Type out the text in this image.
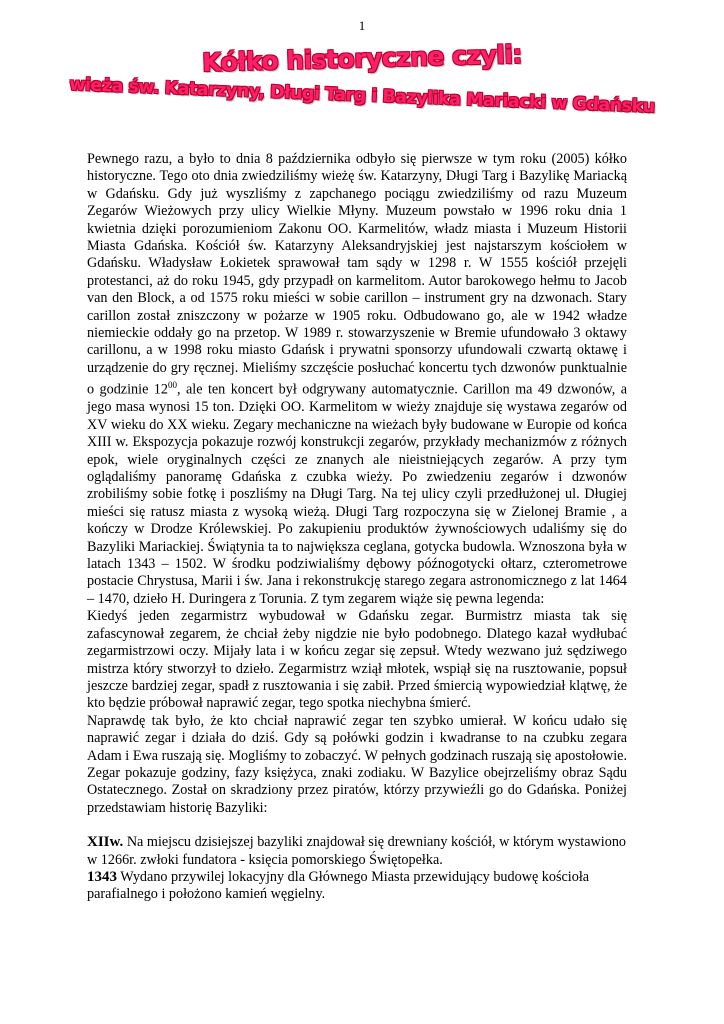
1
Kółko historyczne czyli:
wieża św. Katarzyny, Długi Targ i Bazylika Mariacki w Gdańsku

Pewnego razu, a było to dnia 8 października odbyło się pierwsze w tym roku (2005) kółko historyczne. Tego oto dnia zwiedziliśmy wieżę św. Katarzyny, Długi Targ i Bazylikę Mariacką w Gdańsku. Gdy już wyszliśmy z zapchanego pociągu zwiedziliśmy od razu Muzeum Zegarów Wieżowych przy ulicy Wielkie Młyny. Muzeum powstało w 1996 roku dnia 1 kwietnia dzięki porozumieniom Zakonu OO. Karmelitów, władz miasta i Muzeum Historii Miasta Gdańska. Kościół św. Katarzyny Aleksandryjskiej jest najstarszym kościołem w Gdańsku. Władysław Łokietek sprawował tam sądy w 1298 r. W 1555 kościół przejęli protestanci, aż do roku 1945, gdy przypadł on karmelitom. Autor barokowego hełmu to Jacob van den Block, a od 1575 roku mieści w sobie carillon – instrument gry na dzwonach. Stary carillon został zniszczony w pożarze w 1905 roku. Odbudowano go, ale w 1942 władze niemieckie oddały go na przetop. W 1989 r. stowarzyszenie w Bremie ufundowało 3 oktawy carillonu, a w 1998 roku miasto Gdańsk i prywatni sponsorzy ufundowali czwartą oktawę i urządzenie do gry ręcznej. Mieliśmy szczęście posłuchać koncertu tych dzwonów punktualnie o godzinie $12^{00}$, ale ten koncert był odgrywany automatycznie. Carillon ma 49 dzwonów, a jego masa wynosi 15 ton. Dzięki OO. Karmelitom w wieży znajduje się wystawa zegarów od XV wieku do XX wieku. Zegary mechaniczne na wieżach były budowane w Europie od końca XIII w. Ekspozycja pokazuje rozwój konstrukcji zegarów, przykłady mechanizmów z różnych epok, wiele oryginalnych części ze znanych ale nieistniejących zegarów. A przy tym oglądaliśmy panoramę Gdańska z czubka wieży. Po zwiedzeniu zegarów i dzwonów zrobiliśmy sobie fotkę i poszliśmy na Długi Targ. Na tej ulicy czyli przedłużonej ul. Długiej mieści się ratusz miasta z wysoką wieżą. Długi Targ rozpoczyna się w Zielonej Bramie , a kończy w Drodze Królewskiej. Po zakupieniu produktów żywnościowych udaliśmy się do Bazyliki Mariackiej. Świątynia ta to największa ceglana, gotycka budowla. Wznoszona była w latach 1343 – 1502. W środku podziwialiśmy dębowy późnogotycki ołtarz, czterometrowe postacie Chrystusa, Marii i św. Jana i rekonstrukcję starego zegara astronomicznego z lat 1464 – 1470, dzieło H. Duringera z Torunia. Z tym zegarem wiąże się pewna legenda:

Kiedyś jeden zegarmistrz wybudował w Gdańsku zegar. Burmistrz miasta tak się zafascynował zegarem, że chciał żeby nigdzie nie było podobnego. Dlatego kazał wydłubać zegarmistrzowi oczy. Mijały lata i w końcu zegar się zepsuł. Wtedy wezwano już sędziwego mistrza który stworzył to dzieło. Zegarmistrz wziął młotek, wspiął się na rusztowanie, popsuł jeszcze bardziej zegar, spadł z rusztowania i się zabił. Przed śmiercią wypowiedział klątwę, że kto będzie próbował naprawić zegar, tego spotka niechybna śmierć.

Naprawdę tak było, że kto chciał naprawić zegar ten szybko umierał. W końcu udało się naprawić zegar i działa do dziś. Gdy są połówki godzin i kwadranse to na czubku zegara Adam i Ewa ruszają się. Mogliśmy to zobaczyć. W pełnych godzinach ruszają się apostołowie. Zegar pokazuje godziny, fazy księżyca, znaki zodiaku. W Bazylice obejrzeliśmy obraz Sądu Ostatecznego. Został on skradziony przez piratów, którzy przywieźli go do Gdańska. Poniżej przedstawiam historię Bazyliki:

XIIw. Na miejscu dzisiejszej bazyliki znajdował się drewniany kościół, w którym wystawiono w 1266r. zwłoki fundatora - księcia pomorskiego Świętopełka.

1343 Wydano przywilej lokacyjny dla Głównego Miasta przewidujący budowę kościoła parafialnego i położono kamień węgielny.
